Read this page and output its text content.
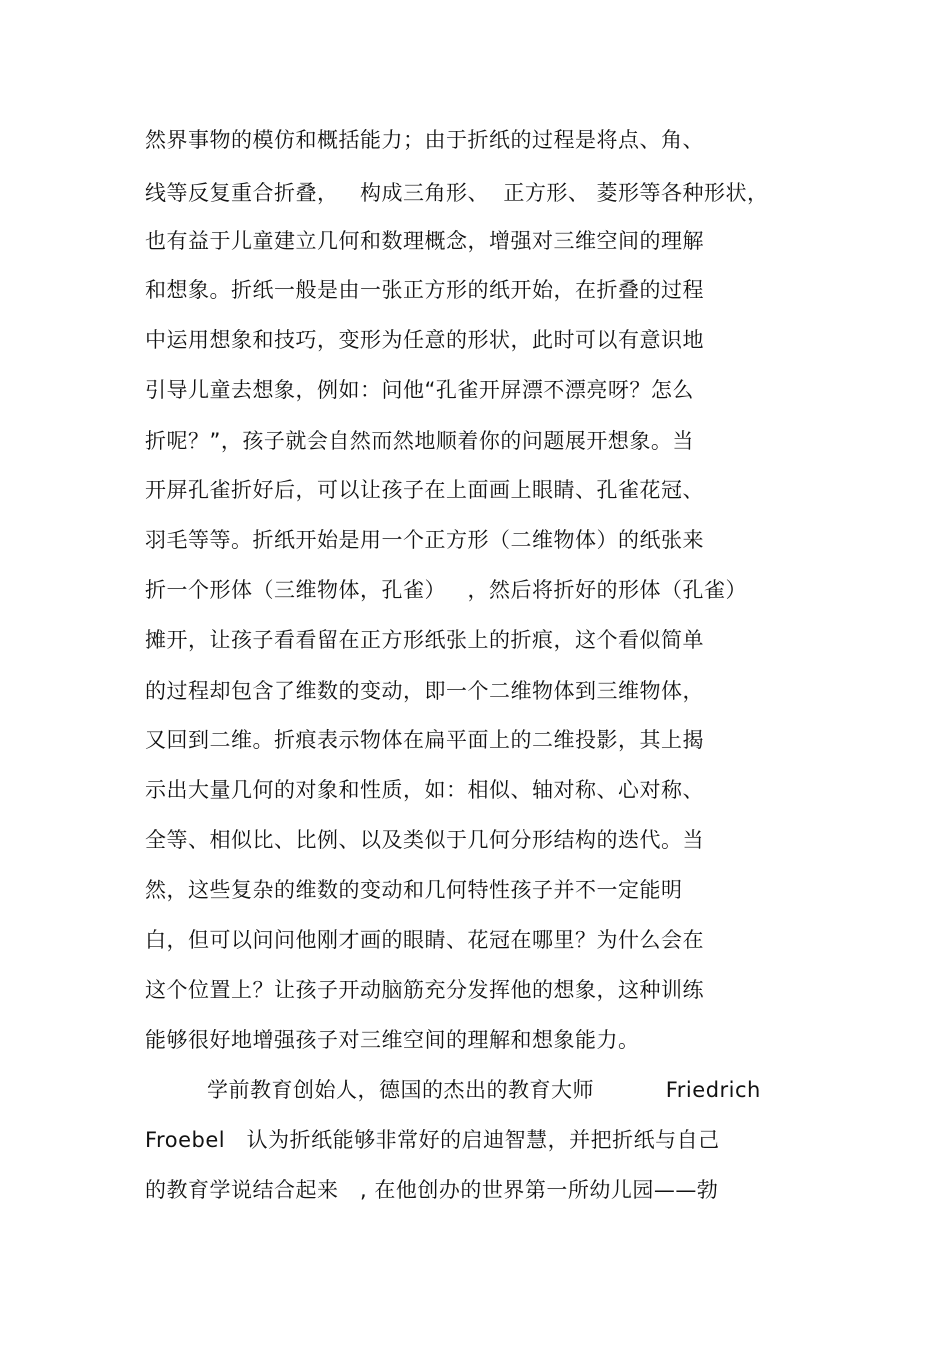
然界事物的模仿和概括能力；由于折纸的过程是将点、角、
线等反复重合折叠，   构成三角形、  正方形、 菱形等各种形状，
也有益于儿童建立几何和数理概念，增强对三维空间的理解
和想象。折纸一般是由一张正方形的纸开始，在折叠的过程
中运用想象和技巧，变形为任意的形状，此时可以有意识地
引导儿童去想象，例如：问他“孔雀开屏漂不漂亮呀？怎么
折呢？”，孩子就会自然而然地顺着你的问题展开想象。当
开屏孔雀折好后，可以让孩子在上面画上眼睛、孔雀花冠、
羽毛等等。折纸开始是用一个正方形（二维物体）的纸张来
折一个形体（三维物体，孔雀）   ，然后将折好的形体（孔雀）
摊开，让孩子看看留在正方形纸张上的折痕，这个看似简单
的过程却包含了维数的变动，即一个二维物体到三维物体，
又回到二维。折痕表示物体在扁平面上的二维投影，其上揭
示出大量几何的对象和性质，如：相似、轴对称、心对称、
全等、相似比、比例、以及类似于几何分形结构的迭代。当
然，这些复杂的维数的变动和几何特性孩子并不一定能明
白，但可以问问他刚才画的眼睛、花冠在哪里？为什么会在
这个位置上？让孩子开动脑筋充分发挥他的想象，这种训练
能够很好地增强孩子对三维空间的理解和想象能力。
学前教育创始人，德国的杰出的教育大师          Friedrich
Froebel   认为折纸能够非常好的启迪智慧，并把折纸与自己
的教育学说结合起来   , 在他创办的世界第一所幼儿园——勃
